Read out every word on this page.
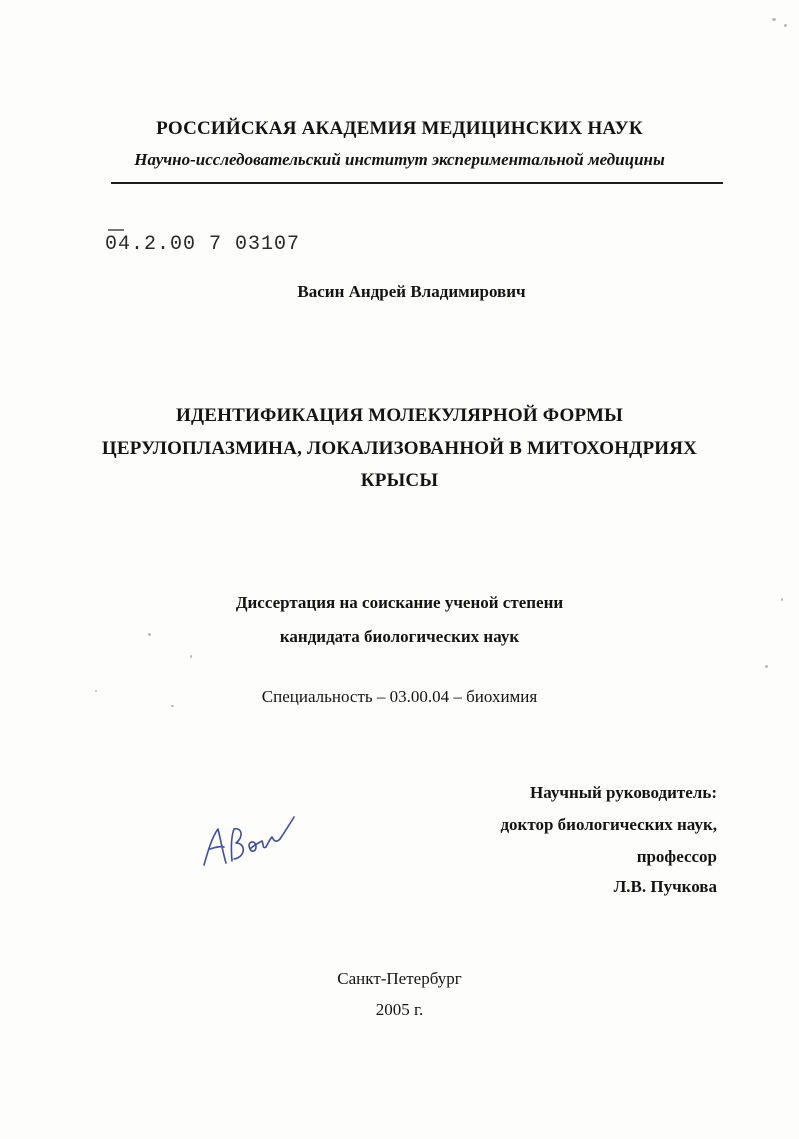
РОССИЙСКАЯ АКАДЕМИЯ МЕДИЦИНСКИХ НАУК
Научно-исследовательский институт экспериментальной медицины
04.2.00 7 03107
Васин Андрей Владимирович
ИДЕНТИФИКАЦИЯ МОЛЕКУЛЯРНОЙ ФОРМЫ
ЦЕРУЛОПЛАЗМИНА, ЛОКАЛИЗОВАННОЙ В МИТОХОНДРИЯХ
КРЫСЫ
Диссертация на соискание ученой степени
кандидата биологических наук
Специальность – 03.00.04 – биохимия
Научный руководитель:
доктор биологических наук,
профессор
Л.В. Пучкова
Санкт-Петербург
2005 г.
